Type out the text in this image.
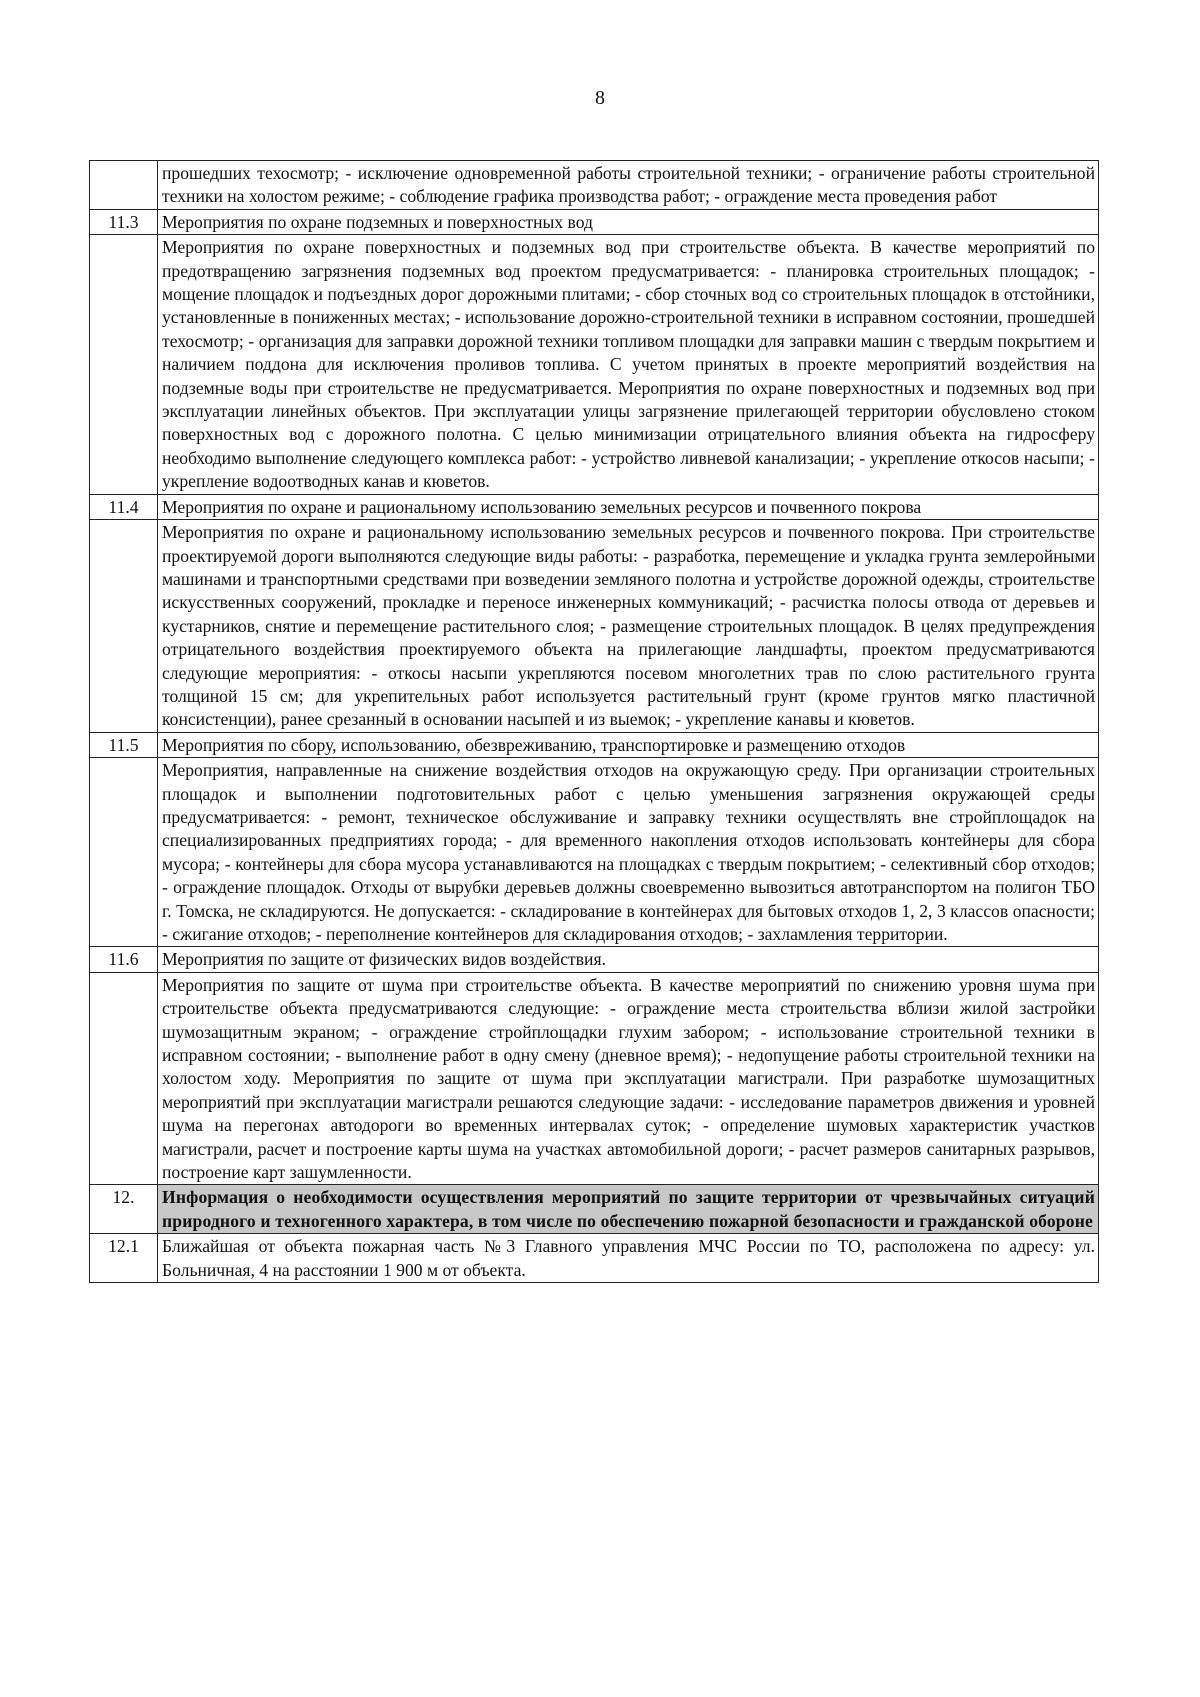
8
	прошедших техосмотр; - исключение одновременной работы строительной техники; - ограничение работы строительной техники на холостом режиме; - соблюдение графика производства работ; - ограждение места проведения работ
11.3	Мероприятия по охране подземных и поверхностных вод
	Мероприятия по охране поверхностных и подземных вод при строительстве объекта. В качестве мероприятий по предотвращению загрязнения подземных вод проектом предусматривается: - планировка строительных площадок; - мощение площадок и подъездных дорог дорожными плитами; - сбор сточных вод со строительных площадок в отстойники, установленные в пониженных местах; - использование дорожно-строительной техники в исправном состоянии, прошедшей техосмотр; - организация для заправки дорожной техники топливом площадки для заправки машин с твердым покрытием и наличием поддона для исключения проливов топлива. С учетом принятых в проекте мероприятий воздействия на подземные воды при строительстве не предусматривается. Мероприятия по охране поверхностных и подземных вод при эксплуатации линейных объектов. При эксплуатации улицы загрязнение прилегающей территории обусловлено стоком поверхностных вод с дорожного полотна. С целью минимизации отрицательного влияния объекта на гидросферу необходимо выполнение следующего комплекса работ: - устройство ливневой канализации; - укрепление откосов насыпи; - укрепление водоотводных канав и кюветов.
11.4	Мероприятия по охране и рациональному использованию земельных ресурсов и почвенного покрова
	Мероприятия по охране и рациональному использованию земельных ресурсов и почвенного покрова. При строительстве проектируемой дороги выполняются следующие виды работы: - разработка, перемещение и укладка грунта землеройными машинами и транспортными средствами при возведении земляного полотна и устройстве дорожной одежды, строительстве искусственных сооружений, прокладке и переносе инженерных коммуникаций; - расчистка полосы отвода от деревьев и кустарников, снятие и перемещение растительного слоя; - размещение строительных площадок. В целях предупреждения отрицательного воздействия проектируемого объекта на прилегающие ландшафты, проектом предусматриваются следующие мероприятия: - откосы насыпи укрепляются посевом многолетних трав по слою растительного грунта толщиной 15 см; для укрепительных работ используется растительный грунт (кроме грунтов мягко пластичной консистенции), ранее срезанный в основании насыпей и из выемок; - укрепление канавы и кюветов.
11.5	Мероприятия по сбору, использованию, обезвреживанию, транспортировке и размещению отходов
	Мероприятия, направленные на снижение воздействия отходов на окружающую среду. При организации строительных площадок и выполнении подготовительных работ с целью уменьшения загрязнения окружающей среды предусматривается: - ремонт, техническое обслуживание и заправку техники осуществлять вне стройплощадок на специализированных предприятиях города; - для временного накопления отходов использовать контейнеры для сбора мусора; - контейнеры для сбора мусора устанавливаются на площадках с твердым покрытием; - селективный сбор отходов; - ограждение площадок. Отходы от вырубки деревьев должны своевременно вывозиться автотранспортом на полигон ТБО г. Томска, не складируются. Не допускается: - складирование в контейнерах для бытовых отходов 1, 2, 3 классов опасности; - сжигание отходов; - переполнение контейнеров для складирования отходов; - захламления территории.
11.6	Мероприятия по защите от физических видов воздействия.
	Мероприятия по защите от шума при строительстве объекта. В качестве мероприятий по снижению уровня шума при строительстве объекта предусматриваются следующие: - ограждение места строительства вблизи жилой застройки шумозащитным экраном; - ограждение стройплощадки глухим забором; - использование строительной техники в исправном состоянии; - выполнение работ в одну смену (дневное время); - недопущение работы строительной техники на холостом ходу. Мероприятия по защите от шума при эксплуатации магистрали. При разработке шумозащитных мероприятий при эксплуатации магистрали решаются следующие задачи: - исследование параметров движения и уровней шума на перегонах автодороги во временных интервалах суток; - определение шумовых характеристик участков магистрали, расчет и построение карты шума на участках автомобильной дороги; - расчет размеров санитарных разрывов, построение карт зашумленности.
12.	Информация о необходимости осуществления мероприятий по защите территории от чрезвычайных ситуаций природного и техногенного характера, в том числе по обеспечению пожарной безопасности и гражданской обороне
12.1	Ближайшая от объекта пожарная часть №3 Главного управления МЧС России по ТО, расположена по адресу: ул. Больничная, 4 на расстоянии 1 900 м от объекта.
